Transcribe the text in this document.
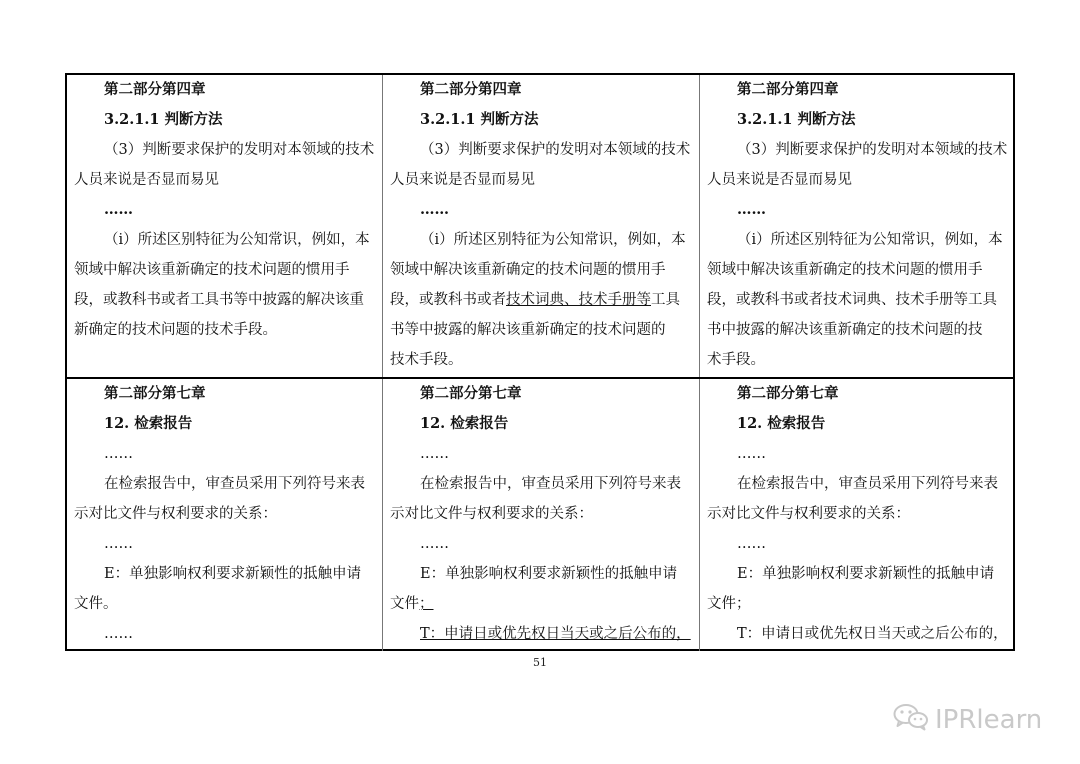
第二部分第四章
3.2.1.1 判断方法
（3）判断要求保护的发明对本领域的技术
人员来说是否显而易见
……
（i）所述区别特征为公知常识，例如，本
领域中解决该重新确定的技术问题的惯用手
段，或教科书或者工具书等中披露的解决该重
新确定的技术问题的技术手段。
第二部分第四章
3.2.1.1 判断方法
（3）判断要求保护的发明对本领域的技术
人员来说是否显而易见
……
（i）所述区别特征为公知常识，例如，本
领域中解决该重新确定的技术问题的惯用手
段，或教科书或者技术词典、技术手册等工具
书等中披露的解决该重新确定的技术问题的
技术手段。
第二部分第四章
3.2.1.1 判断方法
（3）判断要求保护的发明对本领域的技术
人员来说是否显而易见
……
（i）所述区别特征为公知常识，例如，本
领域中解决该重新确定的技术问题的惯用手
段，或教科书或者技术词典、技术手册等工具
书中披露的解决该重新确定的技术问题的技
术手段。
第二部分第七章
12. 检索报告
……
在检索报告中，审查员采用下列符号来表
示对比文件与权利要求的关系：
……
E：单独影响权利要求新颖性的抵触申请
文件。
……
第二部分第七章
12. 检索报告
……
在检索报告中，审查员采用下列符号来表
示对比文件与权利要求的关系：
……
E：单独影响权利要求新颖性的抵触申请
文件；
T：申请日或优先权日当天或之后公布的，
第二部分第七章
12. 检索报告
……
在检索报告中，审查员采用下列符号来表
示对比文件与权利要求的关系：
……
E：单独影响权利要求新颖性的抵触申请
文件；
T：申请日或优先权日当天或之后公布的，
51
IPRlearn
